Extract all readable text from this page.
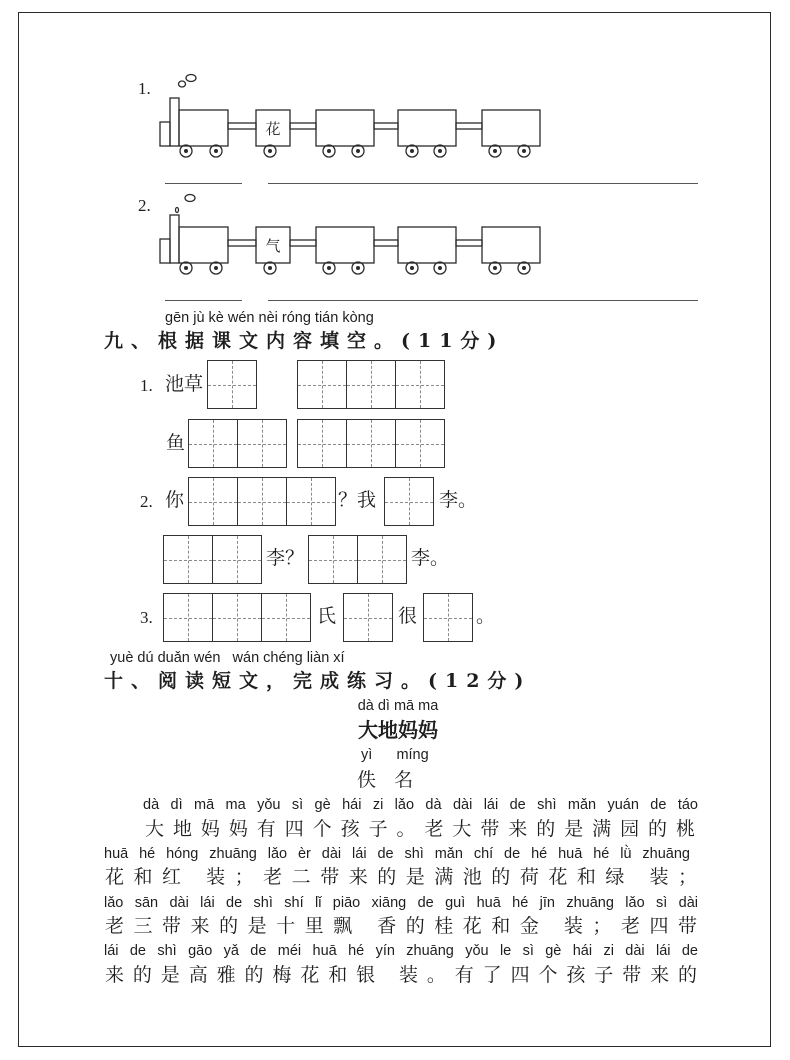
1.
花
2.
气
gēn jù kè wén nèi róng tián kòng
九、根据课文内容填空。(11分)
1. 池草
鱼
2. 你	？我	李。
李？	李。
3.	氏	很	。
yuè dú duǎn wén   wán chéng liàn xí
十、阅读短文，完成练习。(12分)
dà dì mā ma
大地妈妈
yì      míng
佚   名
dà dì mā ma yǒu sì gè hái zi lǎo dà dài lái de shì mǎn yuán de táo
大地妈妈有四个孩子。老大带来的是满园的桃
huā hé hóng zhuāng lǎo èr dài lái de shì mǎn chí de hé huā hé lǜ zhuāng
花和红 装；老二带来的是满池的荷花和绿 装；
lǎo sān dài lái de shì shí lǐ piāo xiāng de guì huā hé jīn zhuāng lǎo sì dài
老三带来的是十里飘 香的桂花和金 装；老四带
lái de shì gāo yǎ de méi huā hé yín zhuāng yǒu le sì gè hái zi dài lái de
来的是高雅的梅花和银 装。有了四个孩子带来的
